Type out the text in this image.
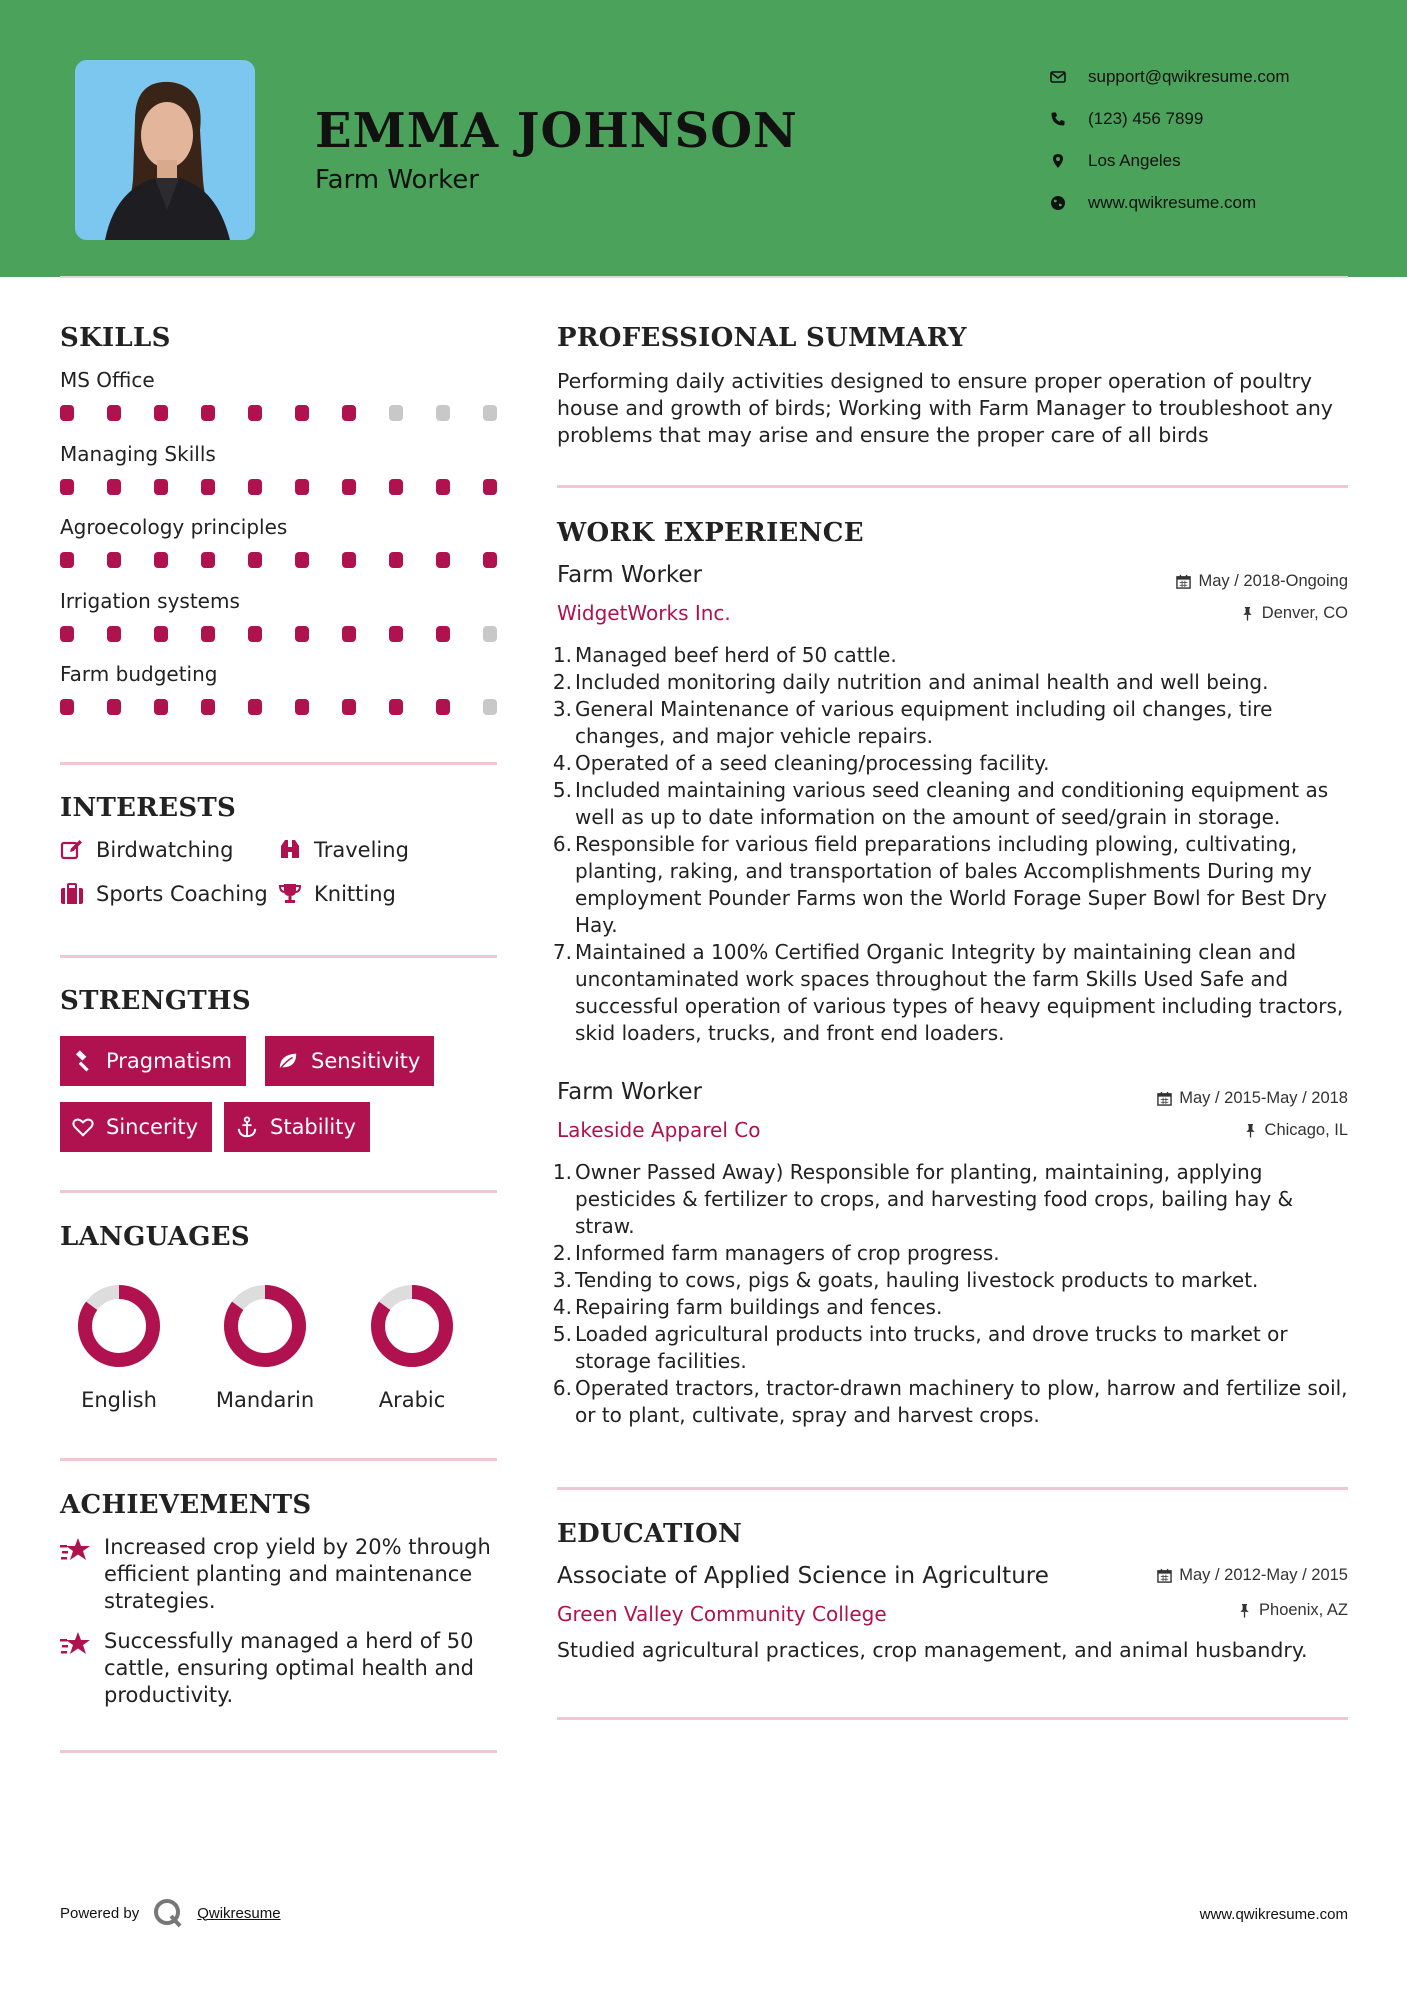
EMMA JOHNSON
Farm Worker
support@qwikresume.com
(123) 456 7899
Los Angeles
www.qwikresume.com
SKILLS
MS Office
Managing Skills
Agroecology principles
Irrigation systems
Farm budgeting
INTERESTS
Birdwatching	Traveling
Sports Coaching Knitting
STRENGTHS
Pragmatism	Sensitivity
Sincerity	Stability
LANGUAGES
English	Mandarin	Arabic
ACHIEVEMENTS
Increased crop yield by 20% through efficient planting and maintenance strategies.
Successfully managed a herd of 50 cattle, ensuring optimal health and productivity.
PROFESSIONAL SUMMARY
Performing daily activities designed to ensure proper operation of poultry house and growth of birds; Working with Farm Manager to troubleshoot any problems that may arise and ensure the proper care of all birds
WORK EXPERIENCE
Farm Worker	May / 2018-Ongoing
WidgetWorks Inc.	Denver, CO
Managed beef herd of 50 cattle.
Included monitoring daily nutrition and animal health and well being.
General Maintenance of various equipment including oil changes, tire changes, and major vehicle repairs.
Operated of a seed cleaning/processing facility.
Included maintaining various seed cleaning and conditioning equipment as well as up to date information on the amount of seed/grain in storage.
Responsible for various field preparations including plowing, cultivating, planting, raking, and transportation of bales Accomplishments During my employment Pounder Farms won the World Forage Super Bowl for Best Dry Hay.
Maintained a 100% Certified Organic Integrity by maintaining clean and uncontaminated work spaces throughout the farm Skills Used Safe and successful operation of various types of heavy equipment including tractors, skid loaders, trucks, and front end loaders.
Farm Worker	May / 2015-May / 2018
Lakeside Apparel Co	Chicago, IL
Owner Passed Away) Responsible for planting, maintaining, applying pesticides & fertilizer to crops, and harvesting food crops, bailing hay & straw.
Informed farm managers of crop progress.
Tending to cows, pigs & goats, hauling livestock products to market.
Repairing farm buildings and fences.
Loaded agricultural products into trucks, and drove trucks to market or storage facilities.
Operated tractors, tractor-drawn machinery to plow, harrow and fertilize soil, or to plant, cultivate, spray and harvest crops.
EDUCATION
Associate of Applied Science in Agriculture	May / 2012-May / 2015
Green Valley Community College	Phoenix, AZ
Studied agricultural practices, crop management, and animal husbandry.
Powered by	Qwikresume	www.qwikresume.com
